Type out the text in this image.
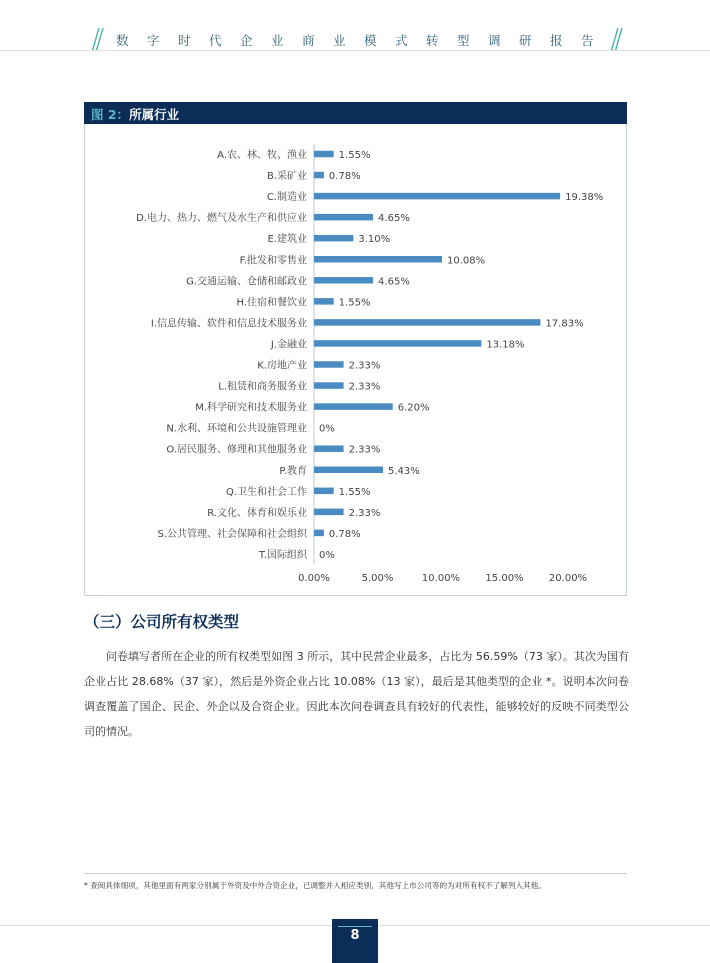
数字时代企业商业模式转型调研报告
图 2：所属行业
A.农、林、牧、渔业	1.55%
B.采矿业 0.78%
C.制造业	19.38%
D.电力、热力、燃气及水生产和供应业	4.65%
E.建筑业	3.10%
F.批发和零售业	10.08%
G.交通运输、仓储和邮政业	4.65%
H.住宿和餐饮业	1.55%
I.信息传输、软件和信息技术服务业	17.83%
J.金融业	13.18%
K.房地产业	2.33%
L.租赁和商务服务业	2.33%
M.科学研究和技术服务业	6.20%
N.水利、环境和公共设施管理业 0%
O.居民服务、修理和其他服务业	2.33%
P.教育	5.43%
Q.卫生和社会工作	1.55%
R.文化、体育和娱乐业	2.33%
S.公共管理、社会保障和社会组织 0.78%
T.国际组织 0%
0.00%	5.00%	10.00%	15.00%	20.00%
（三）公司所有权类型
问卷填写者所在企业的所有权类型如图 3 所示，其中民营企业最多，占比为 56.59%（73 家）。其次为国有企业占比 28.68%（37 家），然后是外资企业占比 10.08%（13 家），最后是其他类型的企业 *。说明本次问卷调查覆盖了国企、民企、外企以及合资企业。因此本次问卷调查具有较好的代表性，能够较好的反映不同类型公司的情况。
* 查阅具体细项，其他里面有两家分别属于外资及中外合资企业，已调整并入相应类别，其他写上市公司等的为对所有权不了解列入其他。
8
